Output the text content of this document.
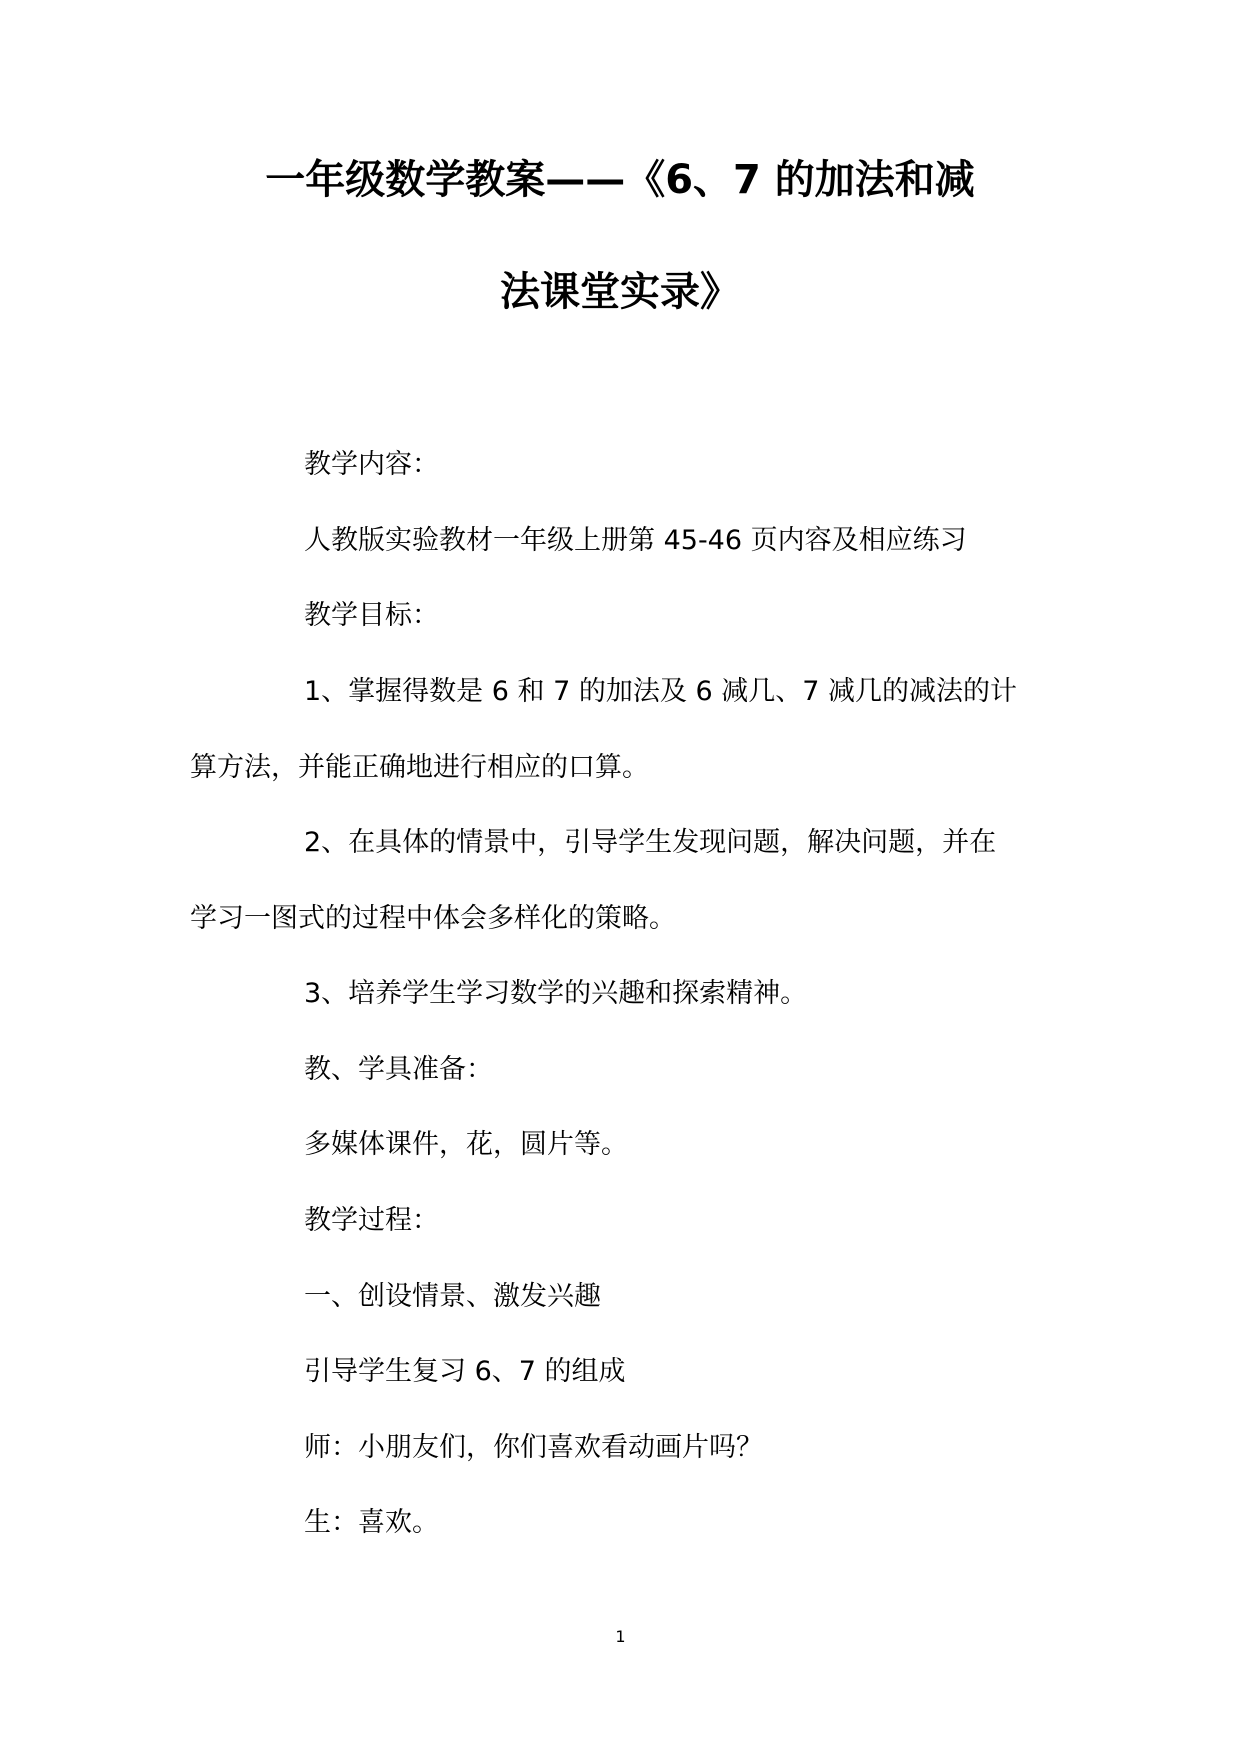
一年级数学教案——《6、7 的加法和减
法课堂实录》
教学内容：
人教版实验教材一年级上册第 45-46 页内容及相应练习
教学目标：
1、掌握得数是 6 和 7 的加法及 6 减几、7 减几的减法的计
算方法，并能正确地进行相应的口算。
2、在具体的情景中，引导学生发现问题，解决问题，并在
学习一图式的过程中体会多样化的策略。
3、培养学生学习数学的兴趣和探索精神。
教、学具准备：
多媒体课件，花，圆片等。
教学过程：
一、创设情景、激发兴趣
引导学生复习 6、7 的组成
师：小朋友们，你们喜欢看动画片吗？
生：喜欢。
1
